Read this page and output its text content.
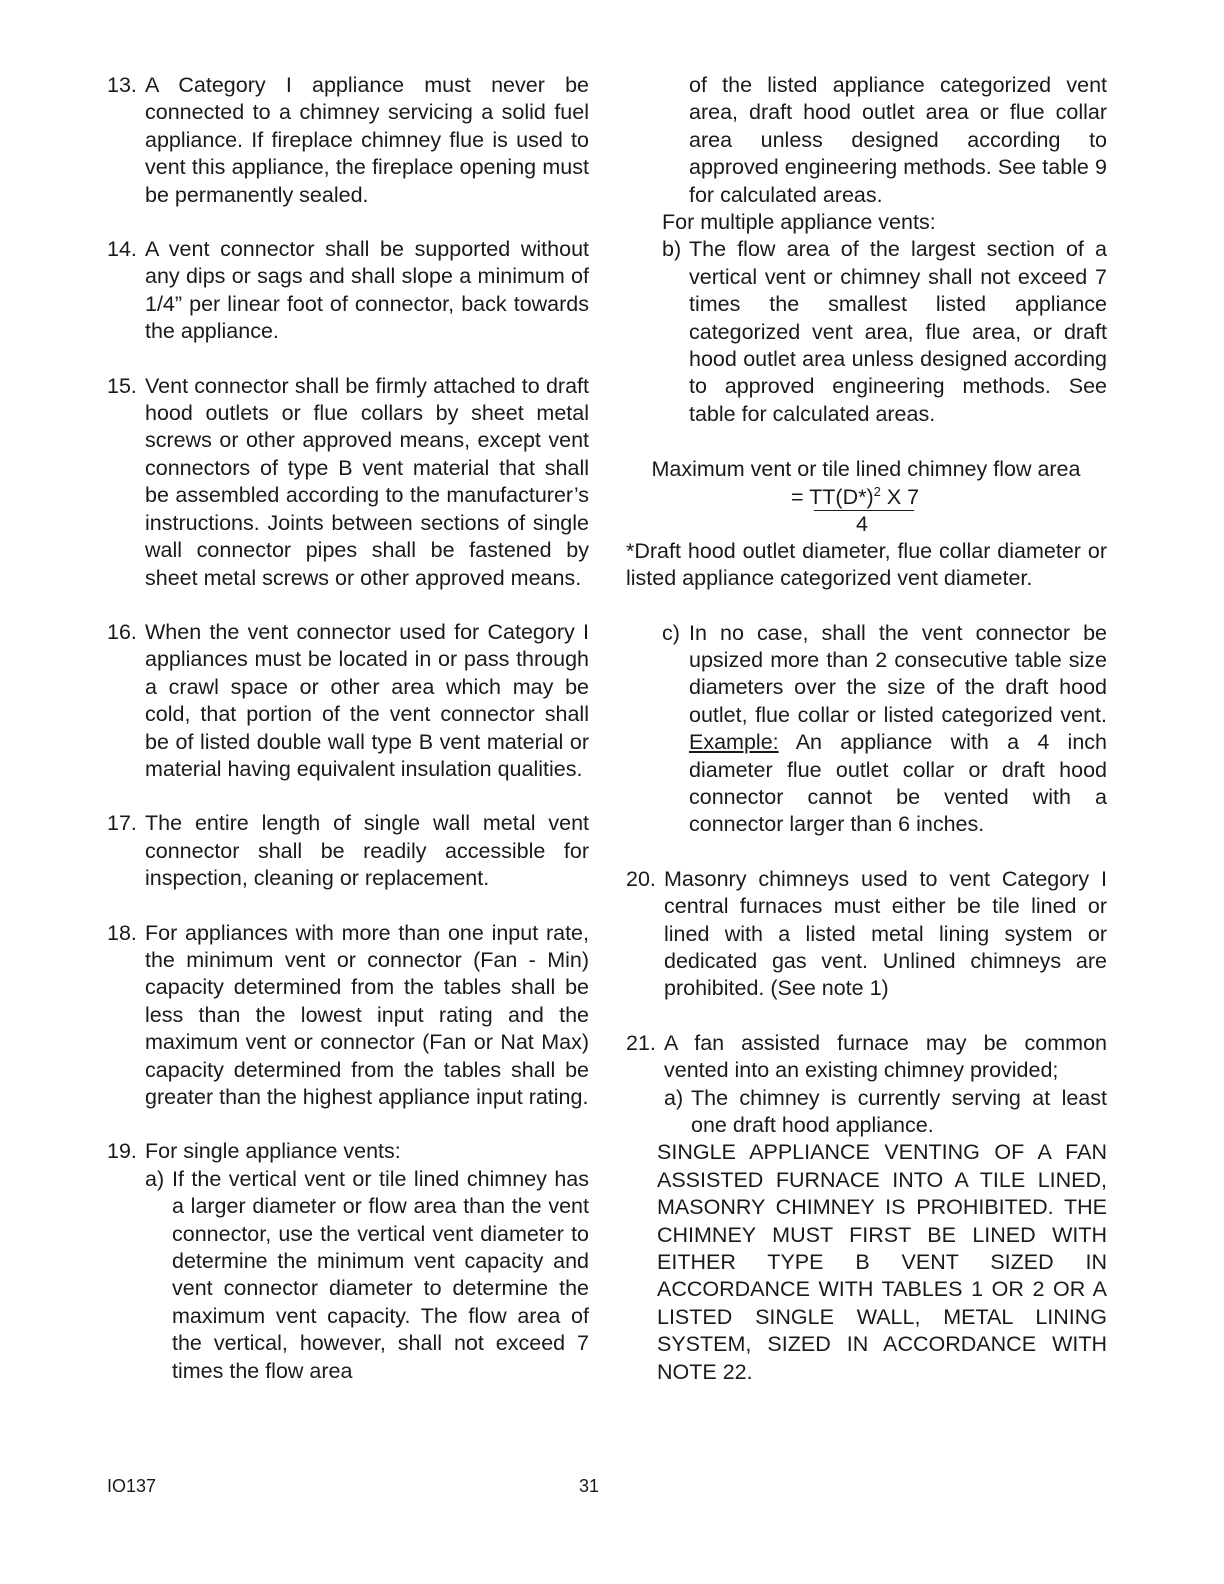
13. A Category I appliance must never be connected to a chimney servicing a solid fuel appliance. If fireplace chimney flue is used to vent this appliance, the fireplace opening must be permanently sealed.

14. A vent connector shall be supported without any dips or sags and shall slope a minimum of 1/4” per linear foot of connector, back towards the appliance.

15. Vent connector shall be firmly attached to draft hood outlets or flue collars by sheet metal screws or other approved means, except vent connectors of type B vent material that shall be assembled according to the manufacturer’s instructions. Joints between sections of single wall connector pipes shall be fastened by sheet metal screws or other approved means.

16. When the vent connector used for Category I appliances must be located in or pass through a crawl space or other area which may be cold, that portion of the vent connector shall be of listed double wall type B vent material or material having equivalent insulation qualities.

17. The entire length of single wall metal vent connector shall be readily accessible for inspection, cleaning or replacement.

18. For appliances with more than one input rate, the minimum vent or connector (Fan - Min) capacity determined from the tables shall be less than the lowest input rating and the maximum vent or connector (Fan or Nat Max) capacity determined from the tables shall be greater than the highest appliance input rating.

19. For single appliance vents:

a) If the vertical vent or tile lined chimney has a larger diameter or flow area than the vent connector, use the vertical vent diameter to determine the minimum vent capacity and vent connector diameter to determine the maximum vent capacity. The flow area of the vertical, however, shall not exceed 7 times the flow area

of the listed appliance categorized vent area, draft hood outlet area or flue collar area unless designed according to approved engineering methods. See table 9 for calculated areas.

For multiple appliance vents:

b) The flow area of the largest section of a vertical vent or chimney shall not exceed 7 times the smallest listed appliance categorized vent area, flue area, or draft hood outlet area unless designed according to approved engineering methods. See table for calculated areas.

Maximum vent or tile lined chimney flow area

= $TT(D*)^2$ X 7
4

*Draft hood outlet diameter, flue collar diameter or listed appliance categorized vent diameter.

c) In no case, shall the vent connector be upsized more than 2 consecutive table size diameters over the size of the draft hood outlet, flue collar or listed categorized vent. Example: An appliance with a 4 inch diameter flue outlet collar or draft hood connector cannot be vented with a connector larger than 6 inches.

20. Masonry chimneys used to vent Category I central furnaces must either be tile lined or lined with a listed metal lining system or dedicated gas vent. Unlined chimneys are prohibited. (See note 1)

21. A fan assisted furnace may be common vented into an existing chimney provided;

a) The chimney is currently serving at least one draft hood appliance.

SINGLE APPLIANCE VENTING OF A FAN ASSISTED FURNACE INTO A TILE LINED, MASONRY CHIMNEY IS PROHIBITED. THE CHIMNEY MUST FIRST BE LINED WITH EITHER TYPE B VENT SIZED IN ACCORDANCE WITH TABLES 1 OR 2 OR A LISTED SINGLE WALL, METAL LINING SYSTEM, SIZED IN ACCORDANCE WITH NOTE 22.

IO137	31
